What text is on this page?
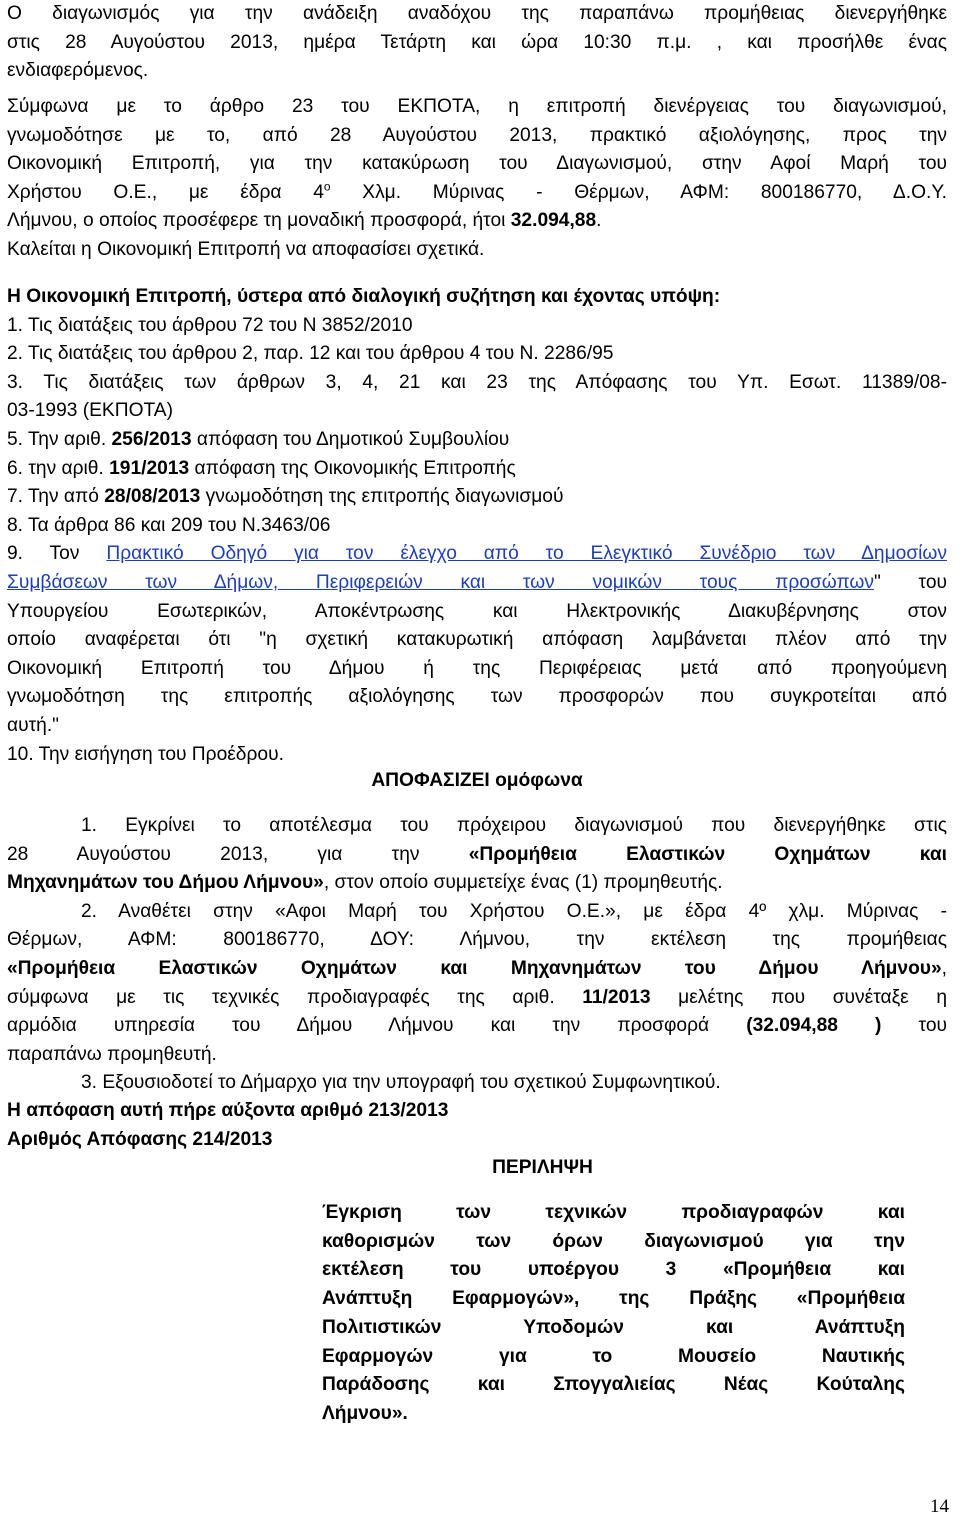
Ο διαγωνισμός για την ανάδειξη αναδόχου της παραπάνω προμήθειας διενεργήθηκε

στις 28 Αυγούστου 2013, ημέρα Τετάρτη και ώρα 10:30 π.μ. , και προσήλθε ένας

ενδιαφερόμενος.

Σύμφωνα με το άρθρο 23 του ΕΚΠΟΤΑ, η επιτροπή διενέργειας του διαγωνισμού,

γνωμοδότησε με το, από 28 Αυγούστου 2013, πρακτικό αξιολόγησης, προς την

Οικονομική Επιτροπή, για την κατακύρωση του Διαγωνισμού, στην Αφοί Μαρή του

Χρήστου Ο.Ε., με έδρα $4^o$ Χλμ. Μύρινας - Θέρμων, ΑΦΜ: 800186770, Δ.Ο.Υ.

Λήμνου, ο οποίος προσέφερε τη μοναδική προσφορά, ήτοι 32.094,88.

Καλείται η Οικονομική Επιτροπή να αποφασίσει σχετικά.

Η Οικονομική Επιτροπή, ύστερα από διαλογική συζήτηση και έχοντας υπόψη:

1. Τις διατάξεις του άρθρου 72 του Ν 3852/2010

2. Τις διατάξεις του άρθρου 2, παρ. 12 και του άρθρου 4 του Ν. 2286/95

3. Τις διατάξεις των άρθρων 3, 4, 21 και 23 της Απόφασης του Υπ. Εσωτ. 11389/08-

03-1993 (ΕΚΠΟΤΑ)

5. Την αριθ. 256/2013 απόφαση του Δημοτικού Συμβουλίου

6. την αριθ. 191/2013 απόφαση της Οικονομικής Επιτροπής

7. Την από 28/08/2013 γνωμοδότηση της επιτροπής διαγωνισμού

8. Τα άρθρα 86 και 209 του Ν.3463/06

9. Τον Πρακτικό Οδηγό για τον έλεγχο από το Ελεγκτικό Συνέδριο των Δημοσίων

Συμβάσεων των Δήμων, Περιφερειών και των νομικών τους προσώπων" του

Υπουργείου Εσωτερικών, Αποκέντρωσης και Ηλεκτρονικής Διακυβέρνησης στον

οποίο αναφέρεται ότι "η σχετική κατακυρωτική απόφαση λαμβάνεται πλέον από την

Οικονομική Επιτροπή του Δήμου ή της Περιφέρειας μετά από προηγούμενη

γνωμοδότηση της επιτροπής αξιολόγησης των προσφορών που συγκροτείται από

αυτή."

10. Την εισήγηση του Προέδρου.

ΑΠΟΦΑΣΙΖΕΙ ομόφωνα

1. Εγκρίνει το αποτέλεσμα του πρόχειρου διαγωνισμού που διενεργήθηκε στις

28 Αυγούστου 2013, για την «Προμήθεια Ελαστικών Οχημάτων και

Μηχανημάτων του Δήμου Λήμνου», στον οποίο συμμετείχε ένας (1) προμηθευτής.

2. Αναθέτει στην «Αφοι Μαρή του Χρήστου Ο.Ε.», με έδρα 4º χλμ. Μύρινας -

Θέρμων, ΑΦΜ: 800186770, ΔΟΥ: Λήμνου, την εκτέλεση της προμήθειας

«Προμήθεια Ελαστικών Οχημάτων και Μηχανημάτων του Δήμου Λήμνου»,

σύμφωνα με τις τεχνικές προδιαγραφές της αριθ. 11/2013 μελέτης που συνέταξε η

αρμόδια υπηρεσία του Δήμου Λήμνου και την προσφορά (32.094,88 ) του

παραπάνω προμηθευτή.

3. Εξουσιοδοτεί το Δήμαρχο για την υπογραφή του σχετικού Συμφωνητικού.

Η απόφαση αυτή πήρε αύξοντα αριθμό 213/2013

Αριθμός Απόφασης 214/2013

ΠΕΡΙΛΗΨΗ

Έγκριση των τεχνικών προδιαγραφών και

καθορισμών των όρων διαγωνισμού για την

εκτέλεση του υποέργου 3 «Προμήθεια και

Ανάπτυξη Εφαρμογών», της Πράξης «Προμήθεια

Πολιτιστικών Υποδομών και Ανάπτυξη

Εφαρμογών για το Μουσείο Ναυτικής

Παράδοσης και Σπογγαλιείας Νέας Κούταλης

Λήμνου».

14
